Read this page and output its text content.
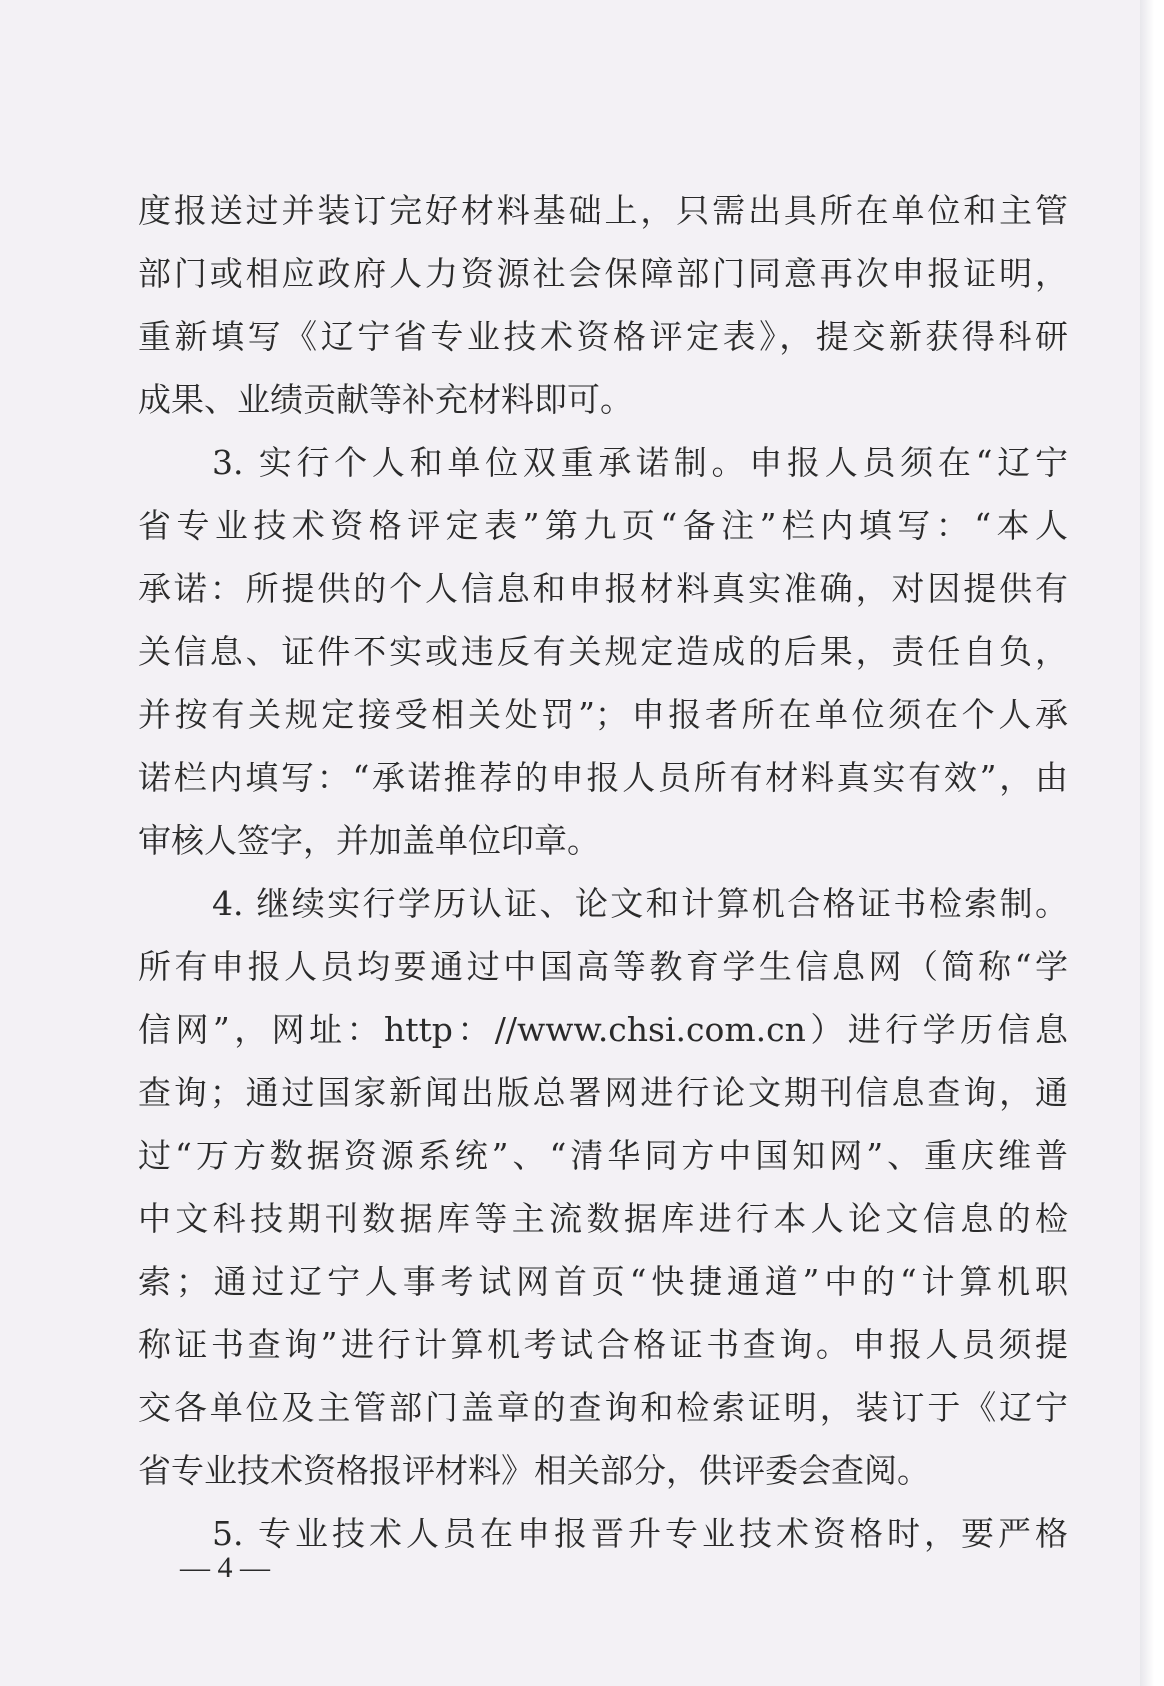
度报送过并装订完好材料基础上，只需出具所在单位和主管
部门或相应政府人力资源社会保障部门同意再次申报证明，
重新填写《辽宁省专业技术资格评定表》，提交新获得科研
成果、业绩贡献等补充材料即可。
3. 实行个人和单位双重承诺制。申报人员须在“辽宁
省专业技术资格评定表”第九页“备注”栏内填写：“本人
承诺：所提供的个人信息和申报材料真实准确，对因提供有
关信息、证件不实或违反有关规定造成的后果，责任自负，
并按有关规定接受相关处罚”；申报者所在单位须在个人承
诺栏内填写：“承诺推荐的申报人员所有材料真实有效”，由
审核人签字，并加盖单位印章。
4. 继续实行学历认证、论文和计算机合格证书检索制。
所有申报人员均要通过中国高等教育学生信息网（简称“学
信网”，网址：http：//www.chsi.com.cn）进行学历信息
查询；通过国家新闻出版总署网进行论文期刊信息查询，通
过“万方数据资源系统”、“清华同方中国知网”、重庆维普
中文科技期刊数据库等主流数据库进行本人论文信息的检
索；通过辽宁人事考试网首页“快捷通道”中的“计算机职
称证书查询”进行计算机考试合格证书查询。申报人员须提
交各单位及主管部门盖章的查询和检索证明，装订于《辽宁
省专业技术资格报评材料》相关部分，供评委会查阅。
5. 专业技术人员在申报晋升专业技术资格时，要严格
— 4 —
